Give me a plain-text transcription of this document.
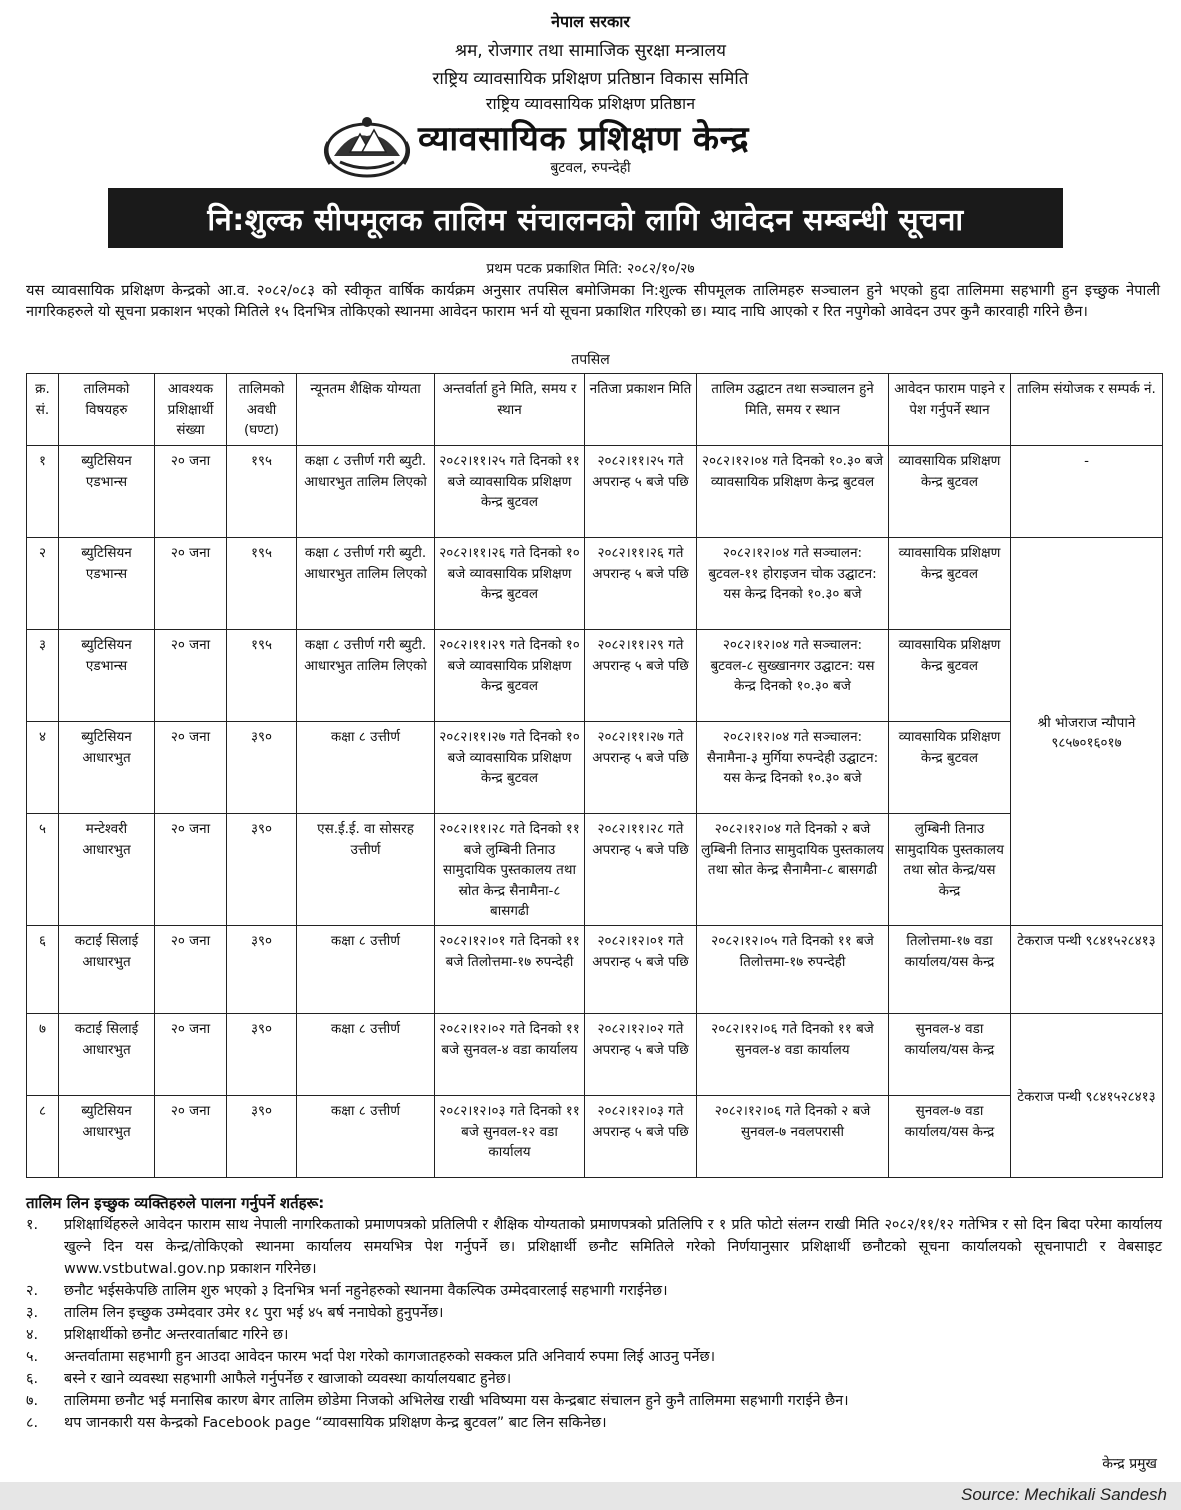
नेपाल सरकार
श्रम, रोजगार तथा सामाजिक सुरक्षा मन्त्रालय
राष्ट्रिय व्यावसायिक प्रशिक्षण प्रतिष्ठान विकास समिति
राष्ट्रिय व्यावसायिक प्रशिक्षण प्रतिष्ठान
व्यावसायिक प्रशिक्षण केन्द्र
बुटवल, रुपन्देही
नि:शुल्क सीपमूलक तालिम संचालनको लागि आवेदन सम्बन्धी सूचना
प्रथम पटक प्रकाशित मिति: २०८२/१०/२७
यस व्यावसायिक प्रशिक्षण केन्द्रको आ.व. २०८२/०८३ को स्वीकृत वार्षिक कार्यक्रम अनुसार तपसिल बमोजिमका नि:शुल्क सीपमूलक तालिमहरु सञ्चालन हुने भएको हुदा तालिममा सहभागी हुन इच्छुक नेपाली नागरिकहरुले यो सूचना प्रकाशन भएको मितिले १५ दिनभित्र तोकिएको स्थानमा आवेदन फाराम भर्न यो सूचना प्रकाशित गरिएको छ। म्याद नाघि आएको र रित नपुगेको आवेदन उपर कुनै कारवाही गरिने छैन।
तपसिल
क्र. सं.	तालिमको विषयहरु	आवश्यक प्रशिक्षार्थी संख्या	तालिमको अवधी (घण्टा)	न्यूनतम शैक्षिक योग्यता	अन्तर्वार्ता हुने मिति, समय र स्थान	नतिजा प्रकाशन मिति	तालिम उद्घाटन तथा सञ्चालन हुने मिति, समय र स्थान	आवेदन फाराम पाइने र पेश गर्नुपर्ने स्थान	तालिम संयोजक र सम्पर्क नं.
१	ब्युटिसियन एडभान्स	२० जना	१९५	कक्षा ८ उत्तीर्ण गरी ब्युटी. आधारभुत तालिम लिएको	२०८२।११।२५ गते दिनको ११ बजे व्यावसायिक प्रशिक्षण केन्द्र बुटवल	२०८२।११।२५ गते अपरान्ह ५ बजे पछि	२०८२।१२।०४ गते दिनको १०.३० बजे व्यावसायिक प्रशिक्षण केन्द्र बुटवल	व्यावसायिक प्रशिक्षण केन्द्र बुटवल	-
२	ब्युटिसियन एडभान्स	२० जना	१९५	कक्षा ८ उत्तीर्ण गरी ब्युटी. आधारभुत तालिम लिएको	२०८२।११।२६ गते दिनको १० बजे व्यावसायिक प्रशिक्षण केन्द्र बुटवल	२०८२।११।२६ गते अपरान्ह ५ बजे पछि	२०८२।१२।०४ गते सञ्चालन: बुटवल-११ होराइजन चोक उद्घाटन: यस केन्द्र दिनको १०.३० बजे	व्यावसायिक प्रशिक्षण केन्द्र बुटवल	श्री भोजराज न्यौपाने ९८५७०१६०१७
३	ब्युटिसियन एडभान्स	२० जना	१९५	कक्षा ८ उत्तीर्ण गरी ब्युटी. आधारभुत तालिम लिएको	२०८२।११।२९ गते दिनको १० बजे व्यावसायिक प्रशिक्षण केन्द्र बुटवल	२०८२।११।२९ गते अपरान्ह ५ बजे पछि	२०८२।१२।०४ गते सञ्चालन: बुटवल-८ सुख्खानगर उद्घाटन: यस केन्द्र दिनको १०.३० बजे	व्यावसायिक प्रशिक्षण केन्द्र बुटवल	
४	ब्युटिसियन आधारभुत	२० जना	३९०	कक्षा ८ उत्तीर्ण	२०८२।११।२७ गते दिनको १० बजे व्यावसायिक प्रशिक्षण केन्द्र बुटवल	२०८२।११।२७ गते अपरान्ह ५ बजे पछि	२०८२।१२।०४ गते सञ्चालन: सैनामैना-३ मुर्गिया रुपन्देही उद्घाटन: यस केन्द्र दिनको १०.३० बजे	व्यावसायिक प्रशिक्षण केन्द्र बुटवल	
५	मन्टेश्वरी आधारभुत	२० जना	३९०	एस.ई.ई. वा सोसरह उत्तीर्ण	२०८२।११।२८ गते दिनको ११ बजे लुम्बिनी तिनाउ सामुदायिक पुस्तकालय तथा स्रोत केन्द्र सैनामैना-८ बासगढी	२०८२।११।२८ गते अपरान्ह ५ बजे पछि	२०८२।१२।०४ गते दिनको २ बजे लुम्बिनी तिनाउ सामुदायिक पुस्तकालय तथा स्रोत केन्द्र सैनामैना-८ बासगढी	लुम्बिनी तिनाउ सामुदायिक पुस्तकालय तथा स्रोत केन्द्र/यस केन्द्र	
६	कटाई सिलाई आधारभुत	२० जना	३९०	कक्षा ८ उत्तीर्ण	२०८२।१२।०१ गते दिनको ११ बजे तिलोत्तमा-१७ रुपन्देही	२०८२।१२।०१ गते अपरान्ह ५ बजे पछि	२०८२।१२।०५ गते दिनको ११ बजे तिलोत्तमा-१७ रुपन्देही	तिलोत्तमा-१७ वडा कार्यालय/यस केन्द्र	टेकराज पन्थी ९८४१५२८४१३
७	कटाई सिलाई आधारभुत	२० जना	३९०	कक्षा ८ उत्तीर्ण	२०८२।१२।०२ गते दिनको ११ बजे सुनवल-४ वडा कार्यालय	२०८२।१२।०२ गते अपरान्ह ५ बजे पछि	२०८२।१२।०६ गते दिनको ११ बजे सुनवल-४ वडा कार्यालय	सुनवल-४ वडा कार्यालय/यस केन्द्र	टेकराज पन्थी ९८४१५२८४१३
८	ब्युटिसियन आधारभुत	२० जना	३९०	कक्षा ८ उत्तीर्ण	२०८२।१२।०३ गते दिनको ११ बजे सुनवल-१२ वडा कार्यालय	२०८२।१२।०३ गते अपरान्ह ५ बजे पछि	२०८२।१२।०६ गते दिनको २ बजे सुनवल-७ नवलपरासी	सुनवल-७ वडा कार्यालय/यस केन्द्र	
तालिम लिन इच्छुक व्यक्तिहरुले पालना गर्नुपर्ने शर्तहरू:
१. प्रशिक्षार्थिहरुले आवेदन फाराम साथ नेपाली नागरिकताको प्रमाणपत्रको प्रतिलिपी र शैक्षिक योग्यताको प्रमाणपत्रको प्रतिलिपि र १ प्रति फोटो संलग्न राखी मिति २०८२/११/१२ गतेभित्र र सो दिन बिदा परेमा कार्यालय खुल्ने दिन यस केन्द्र/तोकिएको स्थानमा कार्यालय समयभित्र पेश गर्नुपर्ने छ। प्रशिक्षार्थी छनौट समितिले गरेको निर्णयानुसार प्रशिक्षार्थी छनौटको सूचना कार्यालयको सूचनापाटी र वेबसाइट www.vstbutwal.gov.np प्रकाशन गरिनेछ।
२. छनौट भईसकेपछि तालिम शुरु भएको ३ दिनभित्र भर्ना नहुनेहरुको स्थानमा वैकल्पिक उम्मेदवारलाई सहभागी गराईनेछ।
३. तालिम लिन इच्छुक उम्मेदवार उमेर १८ पुरा भई ४५ बर्ष ननाघेको हुनुपर्नेछ।
४. प्रशिक्षार्थीको छनौट अन्तरवार्ताबाट गरिने छ।
५. अन्तर्वातामा सहभागी हुन आउदा आवेदन फारम भर्दा पेश गरेको कागजातहरुको सक्कल प्रति अनिवार्य रुपमा लिई आउनु पर्नेछ।
६. बस्ने र खाने व्यवस्था सहभागी आफैले गर्नुपर्नेछ र खाजाको व्यवस्था कार्यालयबाट हुनेछ।
७. तालिममा छनौट भई मनासिब कारण बेगर तालिम छोडेमा निजको अभिलेख राखी भविष्यमा यस केन्द्रबाट संचालन हुने कुनै तालिममा सहभागी गराईने छैन।
८. थप जानकारी यस केन्द्रको Facebook page “व्यावसायिक प्रशिक्षण केन्द्र बुटवल” बाट लिन सकिनेछ।
केन्द्र प्रमुख
Source: Mechikali Sandesh
